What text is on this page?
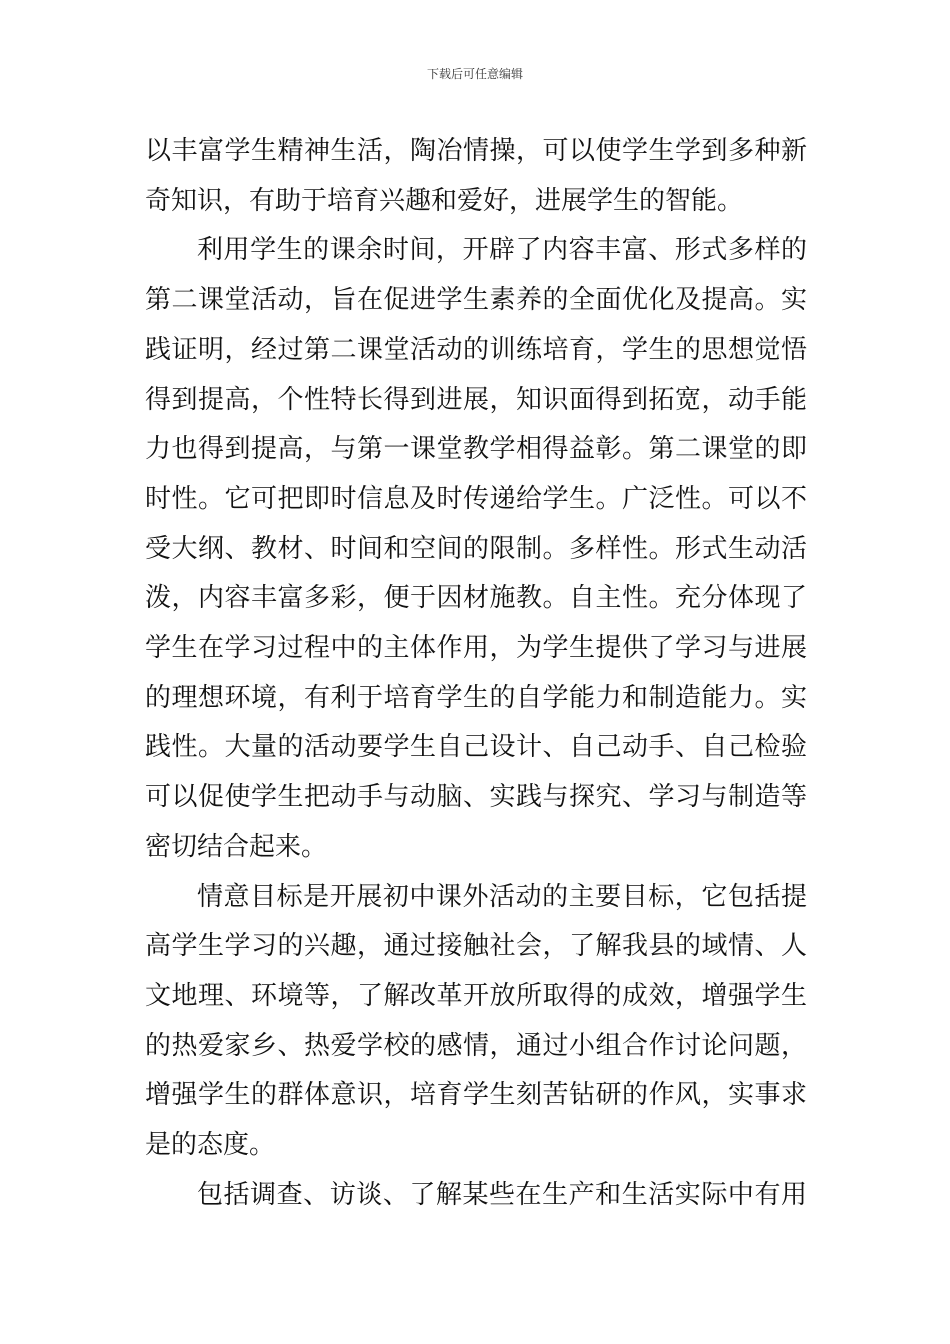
下载后可任意编辑
以丰富学生精神生活，陶冶情操，可以使学生学到多种新
奇知识，有助于培育兴趣和爱好，进展学生的智能。
利用学生的课余时间，开辟了内容丰富、形式多样的
第二课堂活动，旨在促进学生素养的全面优化及提高。实
践证明，经过第二课堂活动的训练培育，学生的思想觉悟
得到提高，个性特长得到进展，知识面得到拓宽，动手能
力也得到提高，与第一课堂教学相得益彰。第二课堂的即
时性。它可把即时信息及时传递给学生。广泛性。可以不
受大纲、教材、时间和空间的限制。多样性。形式生动活
泼，内容丰富多彩，便于因材施教。自主性。充分体现了
学生在学习过程中的主体作用，为学生提供了学习与进展
的理想环境，有利于培育学生的自学能力和制造能力。实
践性。大量的活动要学生自己设计、自己动手、自己检验
可以促使学生把动手与动脑、实践与探究、学习与制造等
密切结合起来。
情意目标是开展初中课外活动的主要目标，它包括提
高学生学习的兴趣，通过接触社会，了解我县的域情、人
文地理、环境等，了解改革开放所取得的成效，增强学生
的热爱家乡、热爱学校的感情，通过小组合作讨论问题，
增强学生的群体意识，培育学生刻苦钻研的作风，实事求
是的态度。
包括调查、访谈、了解某些在生产和生活实际中有用
